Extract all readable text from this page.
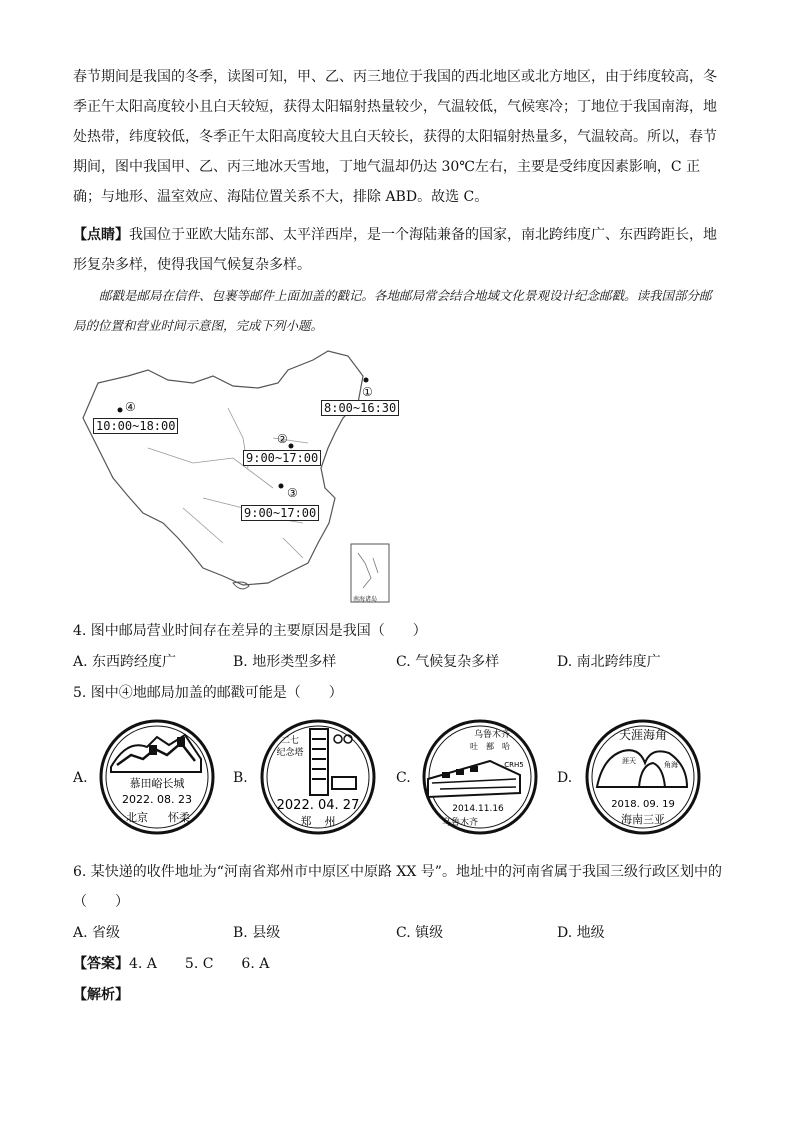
春节期间是我国的冬季，读图可知，甲、乙、丙三地位于我国的西北地区或北方地区，由于纬度较高，冬季正午太阳高度较小且白天较短，获得太阳辐射热量较少，气温较低，气候寒冷；丁地位于我国南海，地处热带，纬度较低，冬季正午太阳高度较大且白天较长，获得的太阳辐射热量多，气温较高。所以，春节期间，图中我国甲、乙、丙三地冰天雪地，丁地气温却仍达 30℃左右，主要是受纬度因素影响，C 正确；与地形、温室效应、海陆位置关系不大，排除 ABD。故选 C。
【点睛】我国位于亚欧大陆东部、太平洋西岸，是一个海陆兼备的国家，南北跨纬度广、东西跨距长，地形复杂多样，使得我国气候复杂多样。
邮戳是邮局在信件、包裹等邮件上面加盖的戳记。各地邮局常会结合地域文化景观设计纪念邮戳。读我国部分邮局的位置和营业时间示意图，完成下列小题。
①
8:00~16:30
④
10:00~18:00
②
9:00~17:00
③
9:00~17:00
南海诸岛
4. 图中邮局营业时间存在差异的主要原因是我国（　　）
A. 东西跨经度广	B. 地形类型多样	C. 气候复杂多样	D. 南北跨纬度广
5. 图中④地邮局加盖的邮戳可能是（　　）
A.	B.	C.	D.
慕田峪长城
2022. 08. 23
北京 怀柔
二七
纪念塔
2022. 04. 27
郑 州
乌鲁木齐
吐　鄯　哈
CRH5
2014.11.16
乌鲁木齐
天涯海角
涯天	角海
2018. 09. 19
海南三亚
6. 某快递的收件地址为“河南省郑州市中原区中原路 XX 号”。地址中的河南省属于我国三级行政区划中的
（　　）
A. 省级	B. 县级	C. 镇级	D. 地级
【答案】4. A　　5. C　　6. A
【解析】
